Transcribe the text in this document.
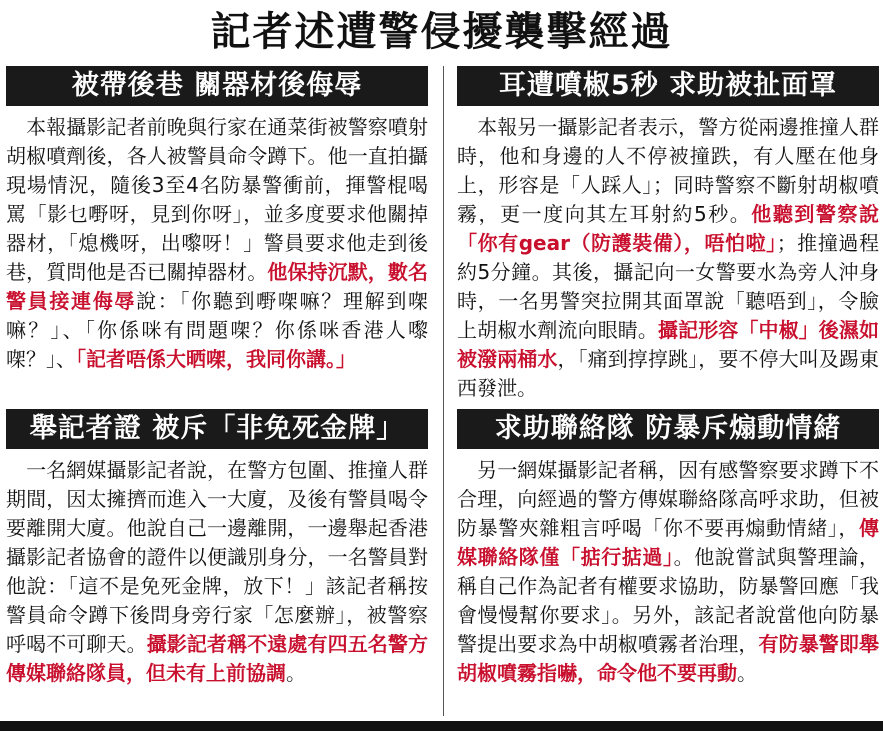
記者述遭警侵擾襲擊經過
被帶後巷 關器材後侮辱
　本報攝影記者前晚與行家在通菜街被警察噴射胡椒噴劑後，各人被警員命令蹲下。他一直拍攝現場情況，隨後3至4名防暴警衝前，揮警棍喝罵「影乜嘢呀，見到你呀」，並多度要求他關掉器材，「熄機呀，出嚟呀！」警員要求他走到後巷，質問他是否已關掉器材。他保持沉默，數名警員接連侮辱說：「你聽到嘢㗎嘛？理解到㗎嘛？」、「你係咪有問題㗎？你係咪香港人嚟㗎？」、「記者唔係大晒㗎，我同你講。」
耳遭噴椒5秒 求助被扯面罩
　本報另一攝影記者表示，警方從兩邊推撞人群時，他和身邊的人不停被撞跌，有人壓在他身上，形容是「人踩人」；同時警察不斷射胡椒噴霧，更一度向其左耳射約5秒。他聽到警察說「你有gear（防護裝備），唔怕啦」；推撞過程約5分鐘。其後，攝記向一女警要水為旁人沖身時，一名男警突拉開其面罩說「聽唔到」，令臉上胡椒水劑流向眼睛。攝記形容「中椒」後濕如被潑兩桶水，「痛到㨃㨃跳」，要不停大叫及踢東西發泄。
舉記者證 被斥「非免死金牌」
　一名網媒攝影記者說，在警方包圍、推撞人群期間，因太擁擠而進入一大廈，及後有警員喝令要離開大廈。他說自己一邊離開，一邊舉起香港攝影記者協會的證件以便識別身分，一名警員對他說：「這不是免死金牌，放下！」該記者稱按警員命令蹲下後問身旁行家「怎麼辦」，被警察呼喝不可聊天。攝影記者稱不遠處有四五名警方傳媒聯絡隊員，但未有上前協調。
求助聯絡隊 防暴斥煽動情緒
　另一網媒攝影記者稱，因有感警察要求蹲下不合理，向經過的警方傳媒聯絡隊高呼求助，但被防暴警夾雜粗言呼喝「你不要再煽動情緒」，傳媒聯絡隊僅「掂行掂過」。他說嘗試與警理論，稱自己作為記者有權要求協助，防暴警回應「我會慢慢幫你要求」。另外，該記者說當他向防暴警提出要求為中胡椒噴霧者治理，有防暴警即舉胡椒噴霧指嚇，命令他不要再動。
